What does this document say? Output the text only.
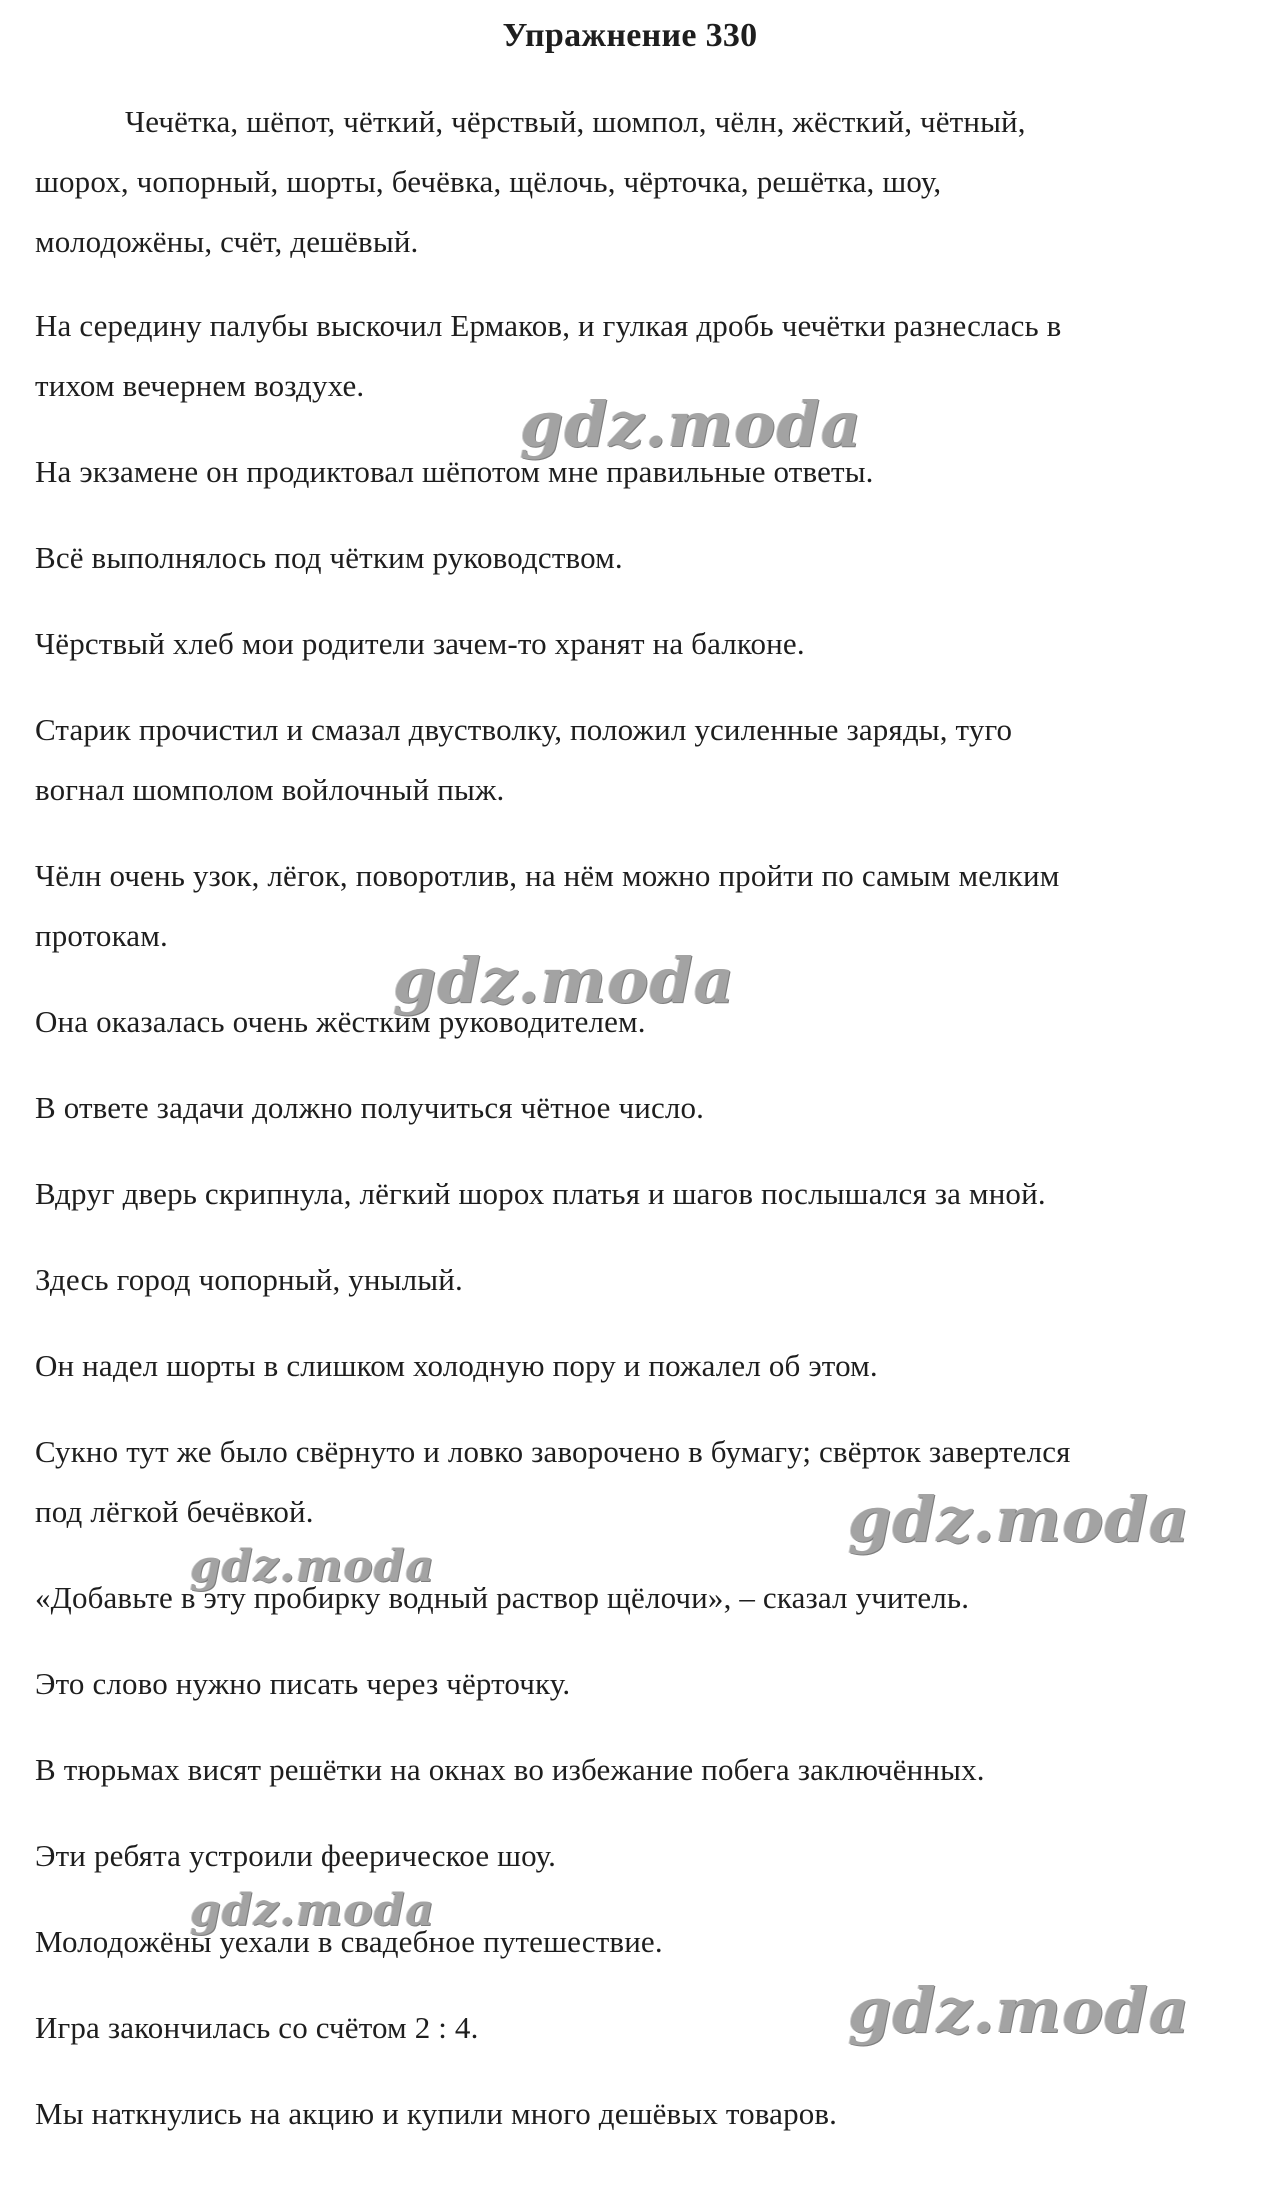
Упражнение 330
Чечётка, шёпот, чёткий, чёрствый, шомпол, чёлн, жёсткий, чётный,
шорох, чопорный, шорты, бечёвка, щёлочь, чёрточка, решётка, шоу,
молодожёны, счёт, дешёвый.
На середину палубы выскочил Ермаков, и гулкая дробь чечётки разнеслась в
тихом вечернем воздухе.
На экзамене он продиктовал шёпотом мне правильные ответы.
Всё выполнялось под чётким руководством.
Чёрствый хлеб мои родители зачем-то хранят на балконе.
Старик прочистил и смазал двустволку, положил усиленные заряды, туго
вогнал шомполом войлочный пыж.
Чёлн очень узок, лёгок, поворотлив, на нём можно пройти по самым мелким
протокам.
Она оказалась очень жёстким руководителем.
В ответе задачи должно получиться чётное число.
Вдруг дверь скрипнула, лёгкий шорох платья и шагов послышался за мной.
Здесь город чопорный, унылый.
Он надел шорты в слишком холодную пору и пожалел об этом.
Сукно тут же было свёрнуто и ловко заворочено в бумагу; свёрток завертелся
под лёгкой бечёвкой.
«Добавьте в эту пробирку водный раствор щёлочи», – сказал учитель.
Это слово нужно писать через чёрточку.
В тюрьмах висят решётки на окнах во избежание побега заключённых.
Эти ребята устроили феерическое шоу.
Молодожёны уехали в свадебное путешествие.
Игра закончилась со счётом 2 : 4.
Мы наткнулись на акцию и купили много дешёвых товаров.
gdz.moda
gdz.moda
gdz.moda
gdz.moda
gdz.moda
gdz.moda
